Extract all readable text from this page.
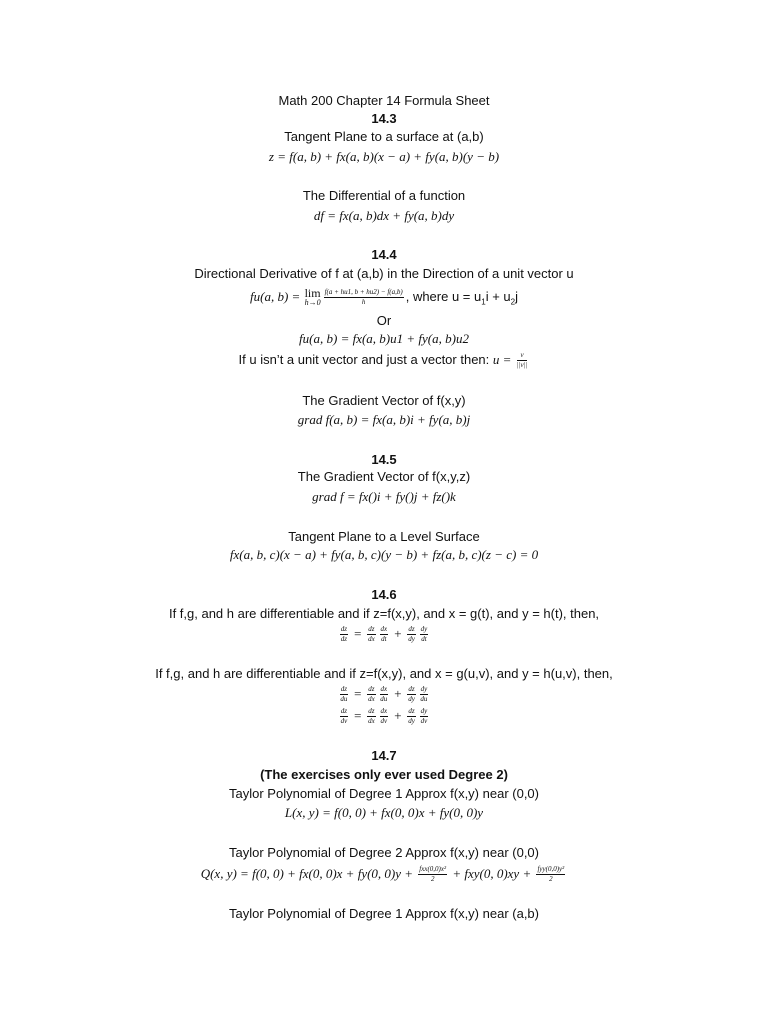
Math 200 Chapter 14 Formula Sheet
14.3
Tangent Plane to a surface at (a,b)
z = f(a, b) + fx(a, b)(x − a) + fy(a, b)(y − b)
The Differential of a function
df = fx(a, b)dx + fy(a, b)dy
14.4
Directional Derivative of f at (a,b) in the Direction of a unit vector u
fu(a, b) = lim
$h\to 0 \frac{f(a + hu1, b + hu2) - f(a,b)}{h}$ , where $u = u_1i + u_2j$
Or
fu(a, b) = fx(a, b)u1 + fy(a, b)u2
If u isn’t a unit vector and just a vector then: $u = \frac{v}{||v||}$
The Gradient Vector of f(x,y)
grad f(a, b) = fx(a, b)i + fy(a, b)j
14.5
The Gradient Vector of f(x,y,z)
grad f = fx()i + fy()j + fz()k
Tangent Plane to a Level Surface
fx(a, b, c)(x − a) + fy(a, b, c)(y − b) + fz(a, b, c)(z − c) = 0
14.6
If f,g, and h are differentiable and if z=f(x,y), and x = g(t), and y = h(t), then,
$\frac{dz}{dz} = \frac{dz}{dx} \frac{dx}{dt} + \frac{dz}{dy} \frac{dy}{dt}$
If f,g, and h are differentiable and if z=f(x,y), and x = g(u,v), and y = h(u,v), then,
$\frac{dz}{du} = \frac{dz}{dx} \frac{dx}{du} + \frac{dz}{dy} \frac{dy}{du}$
$\frac{dz}{dv} = \frac{dz}{dx} \frac{dx}{dv} + \frac{dz}{dy} \frac{dy}{dv}$
14.7
(The exercises only ever used Degree 2)
Taylor Polynomial of Degree 1 Approx f(x,y) near (0,0)
L(x, y) = f(0, 0) + fx(0, 0)x + fy(0, 0)y
Taylor Polynomial of Degree 2 Approx f(x,y) near (0,0)
Q(x, y) = f(0, 0) + fx(0, 0)x + fy(0, $0)y + \frac{\text{fxx(0,0)x²}}{2} + fxy(0$, $0)xy + \frac{\text{fyy(0,0)y²}}{2}$
Taylor Polynomial of Degree 1 Approx f(x,y) near (a,b)
